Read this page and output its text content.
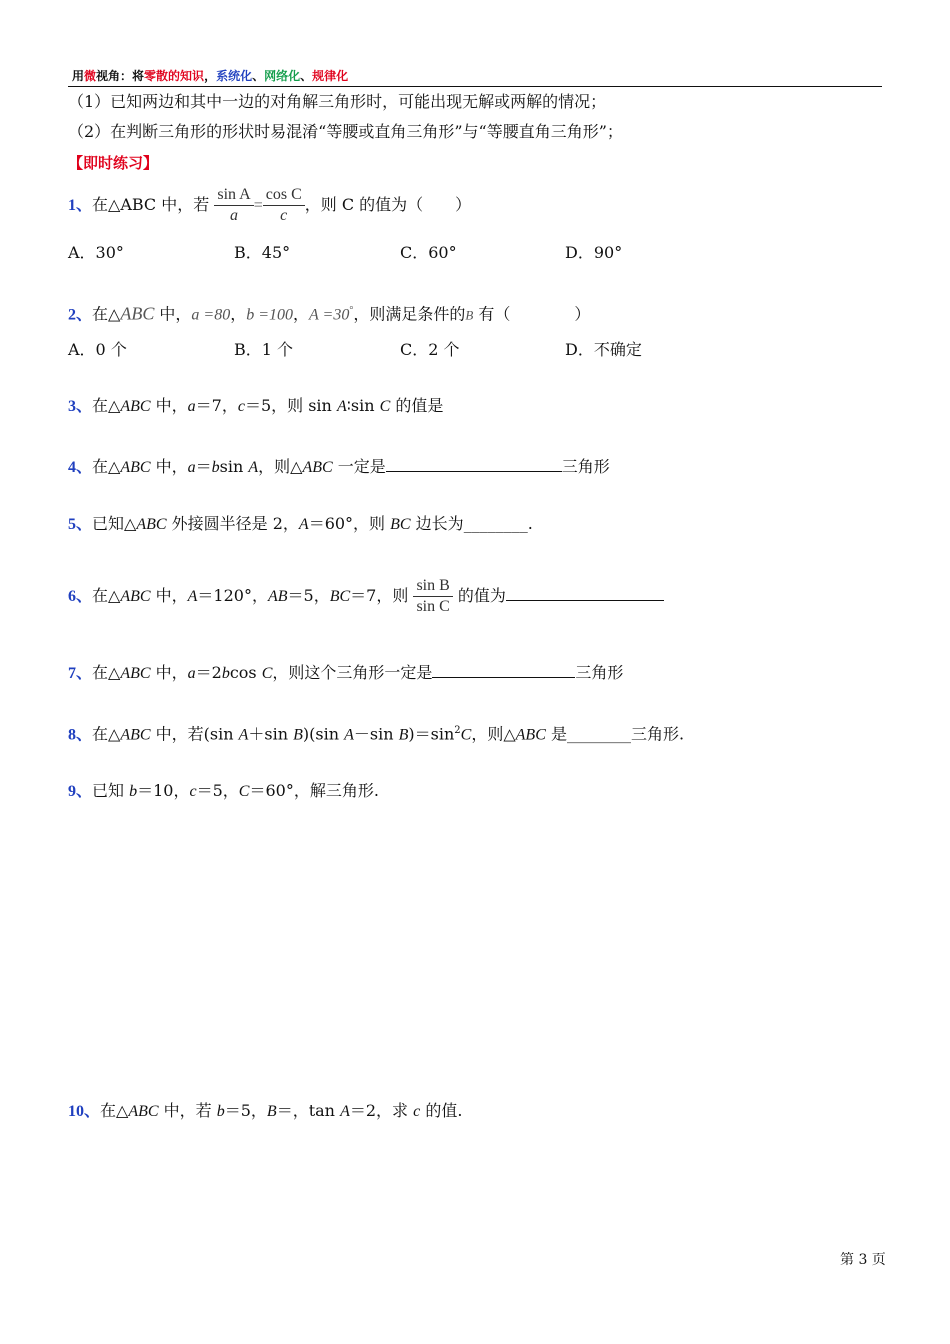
用微视角：将零散的知识，系统化、网络化、规律化
（1）已知两边和其中一边的对角解三角形时，可能出现无解或两解的情况；
（2）在判断三角形的形状时易混淆“等腰或直角三角形”与“等腰直角三角形”；
【即时练习】
1、在△ABC 中，若 $\frac{\text{sin A}}{a} = \frac{\text{cos C}}{c}$ ，则 C 的值为（　　）
A．30°	B．45°	C．60°	D．90°
2、在△ABC 中，a =80，b =100，A =30°，则满足条件的B 有（　　　　）
A．0 个	B．1 个	C．2 个	D．不确定
3、在△ABC 中，a＝7，c＝5，则 sin A∶sin C 的值是
4、在△ABC 中，a＝bsin A，则△ABC 一定是	三角形
5、已知△ABC 外接圆半径是 2，A＝60°，则 BC 边长为________.
6、在△ABC 中，A＝120°，AB＝5，BC＝7，则 $\frac{\text{sin B}}{\text{sin C}}$ 的值为
7、在△ABC 中，a＝2bcos C，则这个三角形一定是	三角形
8、在△ABC 中，若(sin A＋sin B)(sin A－sin $B)=\sin^2C$，则△ABC 是________三角形.
9、已知 b＝10，c＝5，C＝60°，解三角形.
10、在△ABC 中，若 b＝5，B＝，tan A＝2，求 c 的值.
第 3 页
